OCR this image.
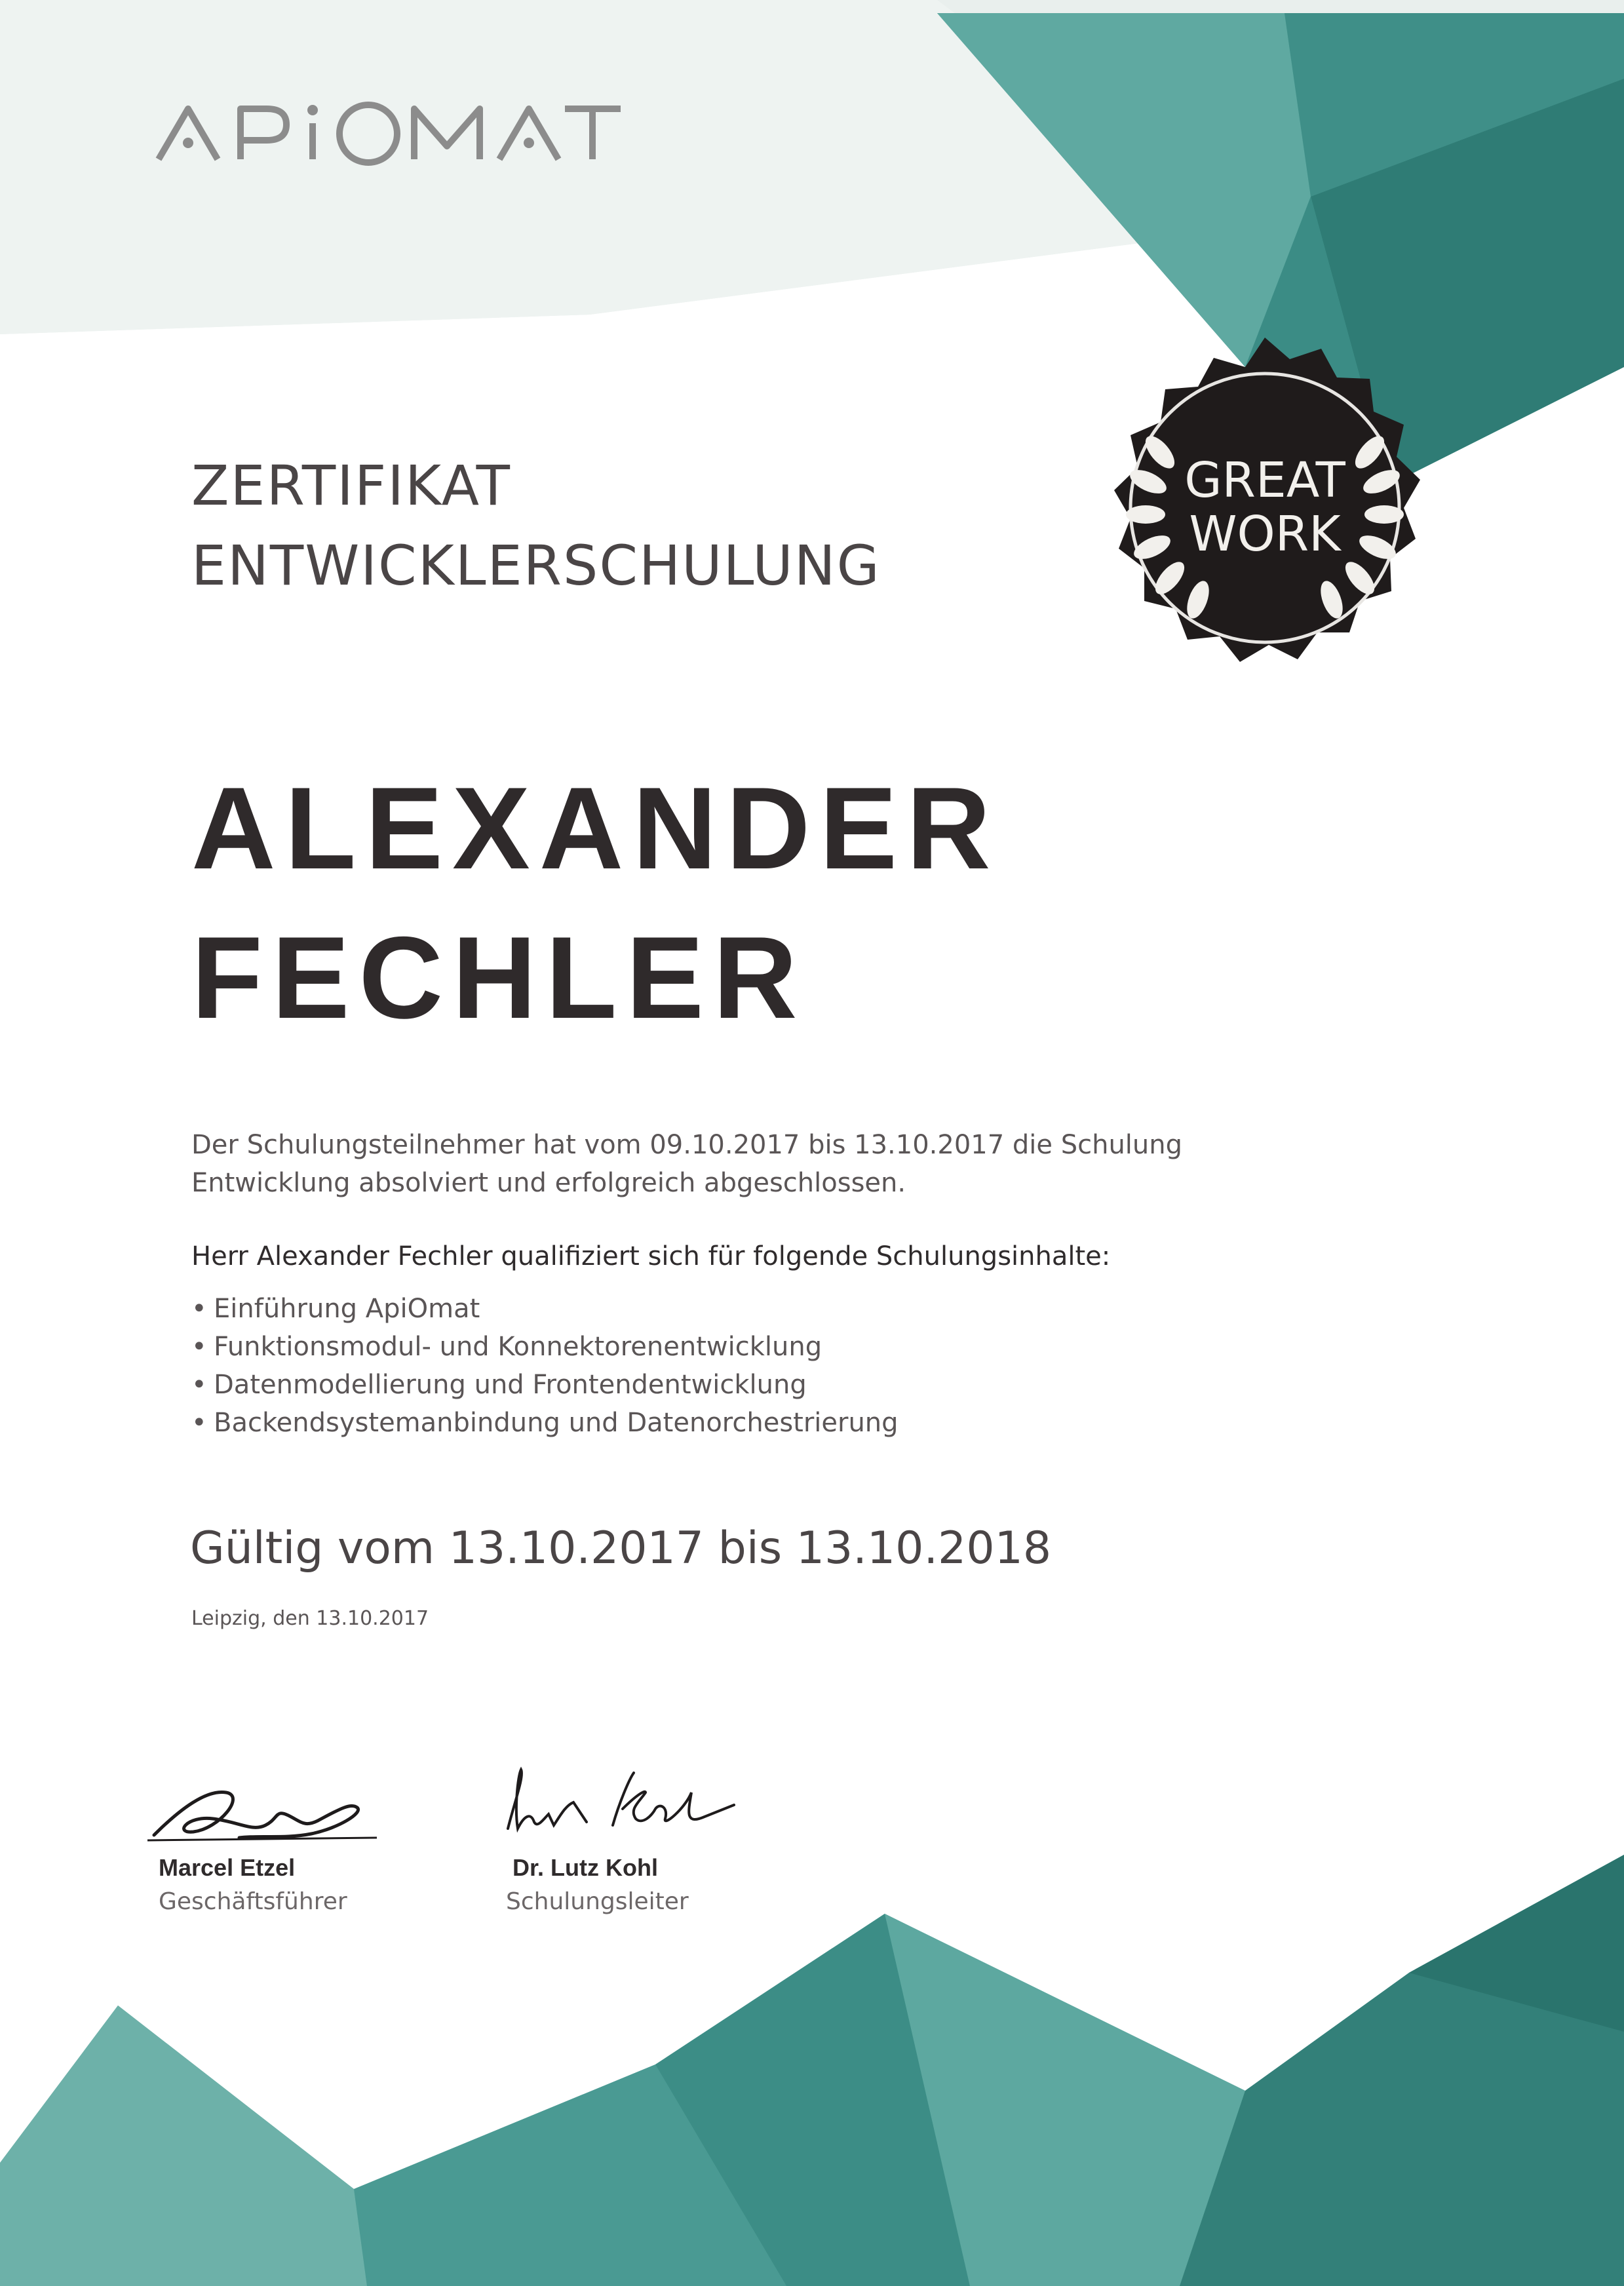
GREAT
WORK
ZERTIFIKAT
ENTWICKLERSCHULUNG
ALEXANDER
FECHLER
Der Schulungsteilnehmer hat vom 09.10.2017 bis 13.10.2017 die Schulung Entwicklung absolviert und erfolgreich abgeschlossen.
Herr Alexander Fechler qualifiziert sich für folgende Schulungsinhalte:
• Einführung ApiOmat
• Funktionsmodul- und Konnektorenentwicklung
• Datenmodellierung und Frontendentwicklung
• Backendsystemanbindung und Datenorchestrierung
Gültig vom 13.10.2017 bis 13.10.2018
Leipzig, den 13.10.2017
Marcel Etzel
Geschäftsführer
Dr. Lutz Kohl
Schulungsleiter
